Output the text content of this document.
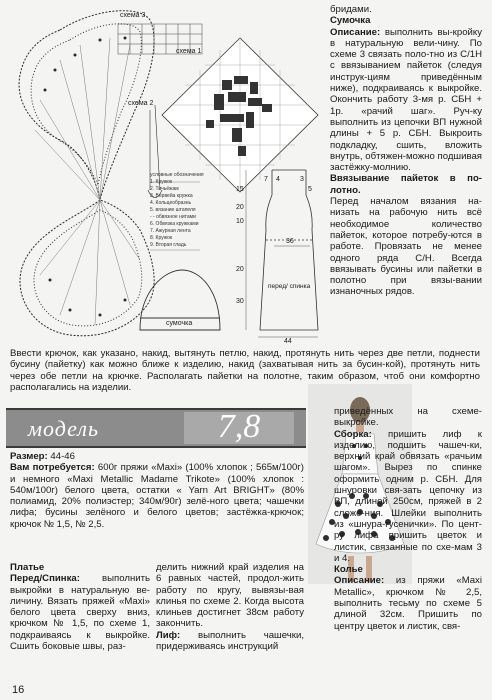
схема 3
схема 1
схема 2
сумочка
перед/ спинка
36
44
20
30
7 4
15
20
10
3
5
условные обозначения
1. Кружок
2. Тичьёжам
3. Вервейа кружка
4. Кольцеобразнь
5. вязание штапеля
- - обвязное нитами
6. Обвязка кружками
7. Ажурная лента
8. Кружок
9. Вторая гладь
бридами.
Сумочка
Описание: выполнить вы-кройку в натуральную вели-чину. По схеме 3 связать поло-тно из С/1Н с ввязыванием пайеток (следуя инструк-циям приведённым ниже), подкраиваясь к выкройке. Окончить работу 3-мя р. СБН + 1р. «рачий шаг». Руч-ку выполнить из цепочки ВП нужной длины + 5 р. СБН. Выкроить подкладку, сшить, вложить внутрь, обтяжен-можно подшивая застёжку-молнию.
Ввязывание пайеток в по-лотно.
Перед началом вязания на-низать на рабочую нить всё необходимое количество пайеток, которое потребу-ются в работе. Провязать не менее одного ряда С/Н. Всегда ввязывать бусины или пайетки в полотно при вязы-вании изнаночных рядов.
Ввести крючок, как указано, накид, вытянуть петлю, накид, протянуть нить через две петли, поднести бусину (пайетку) как можно ближе к изделию, накид (захватывая нить за бусин-кой), протянуть нить через обе петли на крючке. Располагать пайетки на полотне, таким образом, чтоб они комфортно располагались на изделии.
модель	7,8
Размер: 44-46
Вам потребуется: 600г пряжи «Maxi» (100% хлопок ; 565м/100г) и немного «Maxi Metallic Madame Trikote» (100% хлопок : 540м/100г) белого цвета, остатки « Yarn Art BRIGHT» (80% полиамид, 20% полиэстер; 340м/90г) зелё-ного цвета; чашечки лифа; бусины зелёного и белого цветов; застёжка-крючок; крючок № 1,5, № 2,5.
Платье
Перед/Спинка: выполнить выкройки в натуральную ве-личину. Вязать пряжей «Maxi» белого цвета сверху вниз, крючком № 1,5, по схеме 1, подкраиваясь к выкройке. Сшить боковые швы, раз-
делить нижний край изделия на 6 равных частей, продол-жить работу по кругу, вывязы-вая клинья по схеме 2. Когда высота клиньев достигнет 38см работу закончить.
Лиф: выполнить чашечки, придерживаясь инструкций
приведённых на схеме-выкройке.
Сборка: пришить лиф к изделию, подшить чашеч-ки, верхний край обвязать «рачьим шагом». Вырез по спинке оформить одним р. СБН. Для шнуровки свя-зать цепочку из ВП, длиной 250см, пряжей в 2 сложе-ния. Шлейки выполнить из «шнура-гусенички». По цент-ру лифа пришить цветок и листик, связанные по схе-мам 3 и 4.
Колье
Описание: из пряжи «Maxi Metallic», крючком № 2,5, выполнить тесьму по схеме 5 длиной 32см. Пришить по центру цветок и листик, свя-
16
